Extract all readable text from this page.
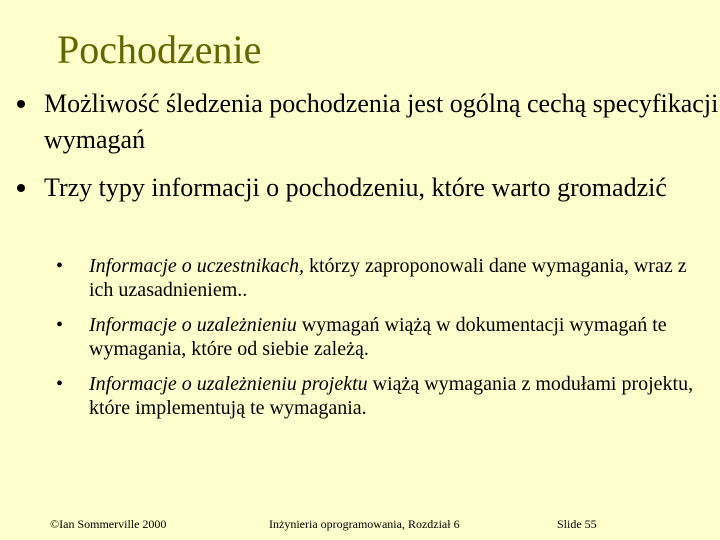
Pochodzenie
Możliwość śledzenia pochodzenia jest ogólną cechą specyfikacji wymagań
Trzy typy informacji o pochodzeniu, które warto gromadzić
• Informacje o uczestnikach, którzy zaproponowali dane wymagania, wraz z ich uzasadnieniem..
• Informacje o uzależnieniu wymagań wiążą w dokumentacji wymagań te wymagania, które od siebie zależą.
• Informacje o uzależnieniu projektu wiążą wymagania z modułami projektu, które implementują te wymagania.
©Ian Sommerville 2000	Inżynieria oprogramowania, Rozdział 6	Slide 55
